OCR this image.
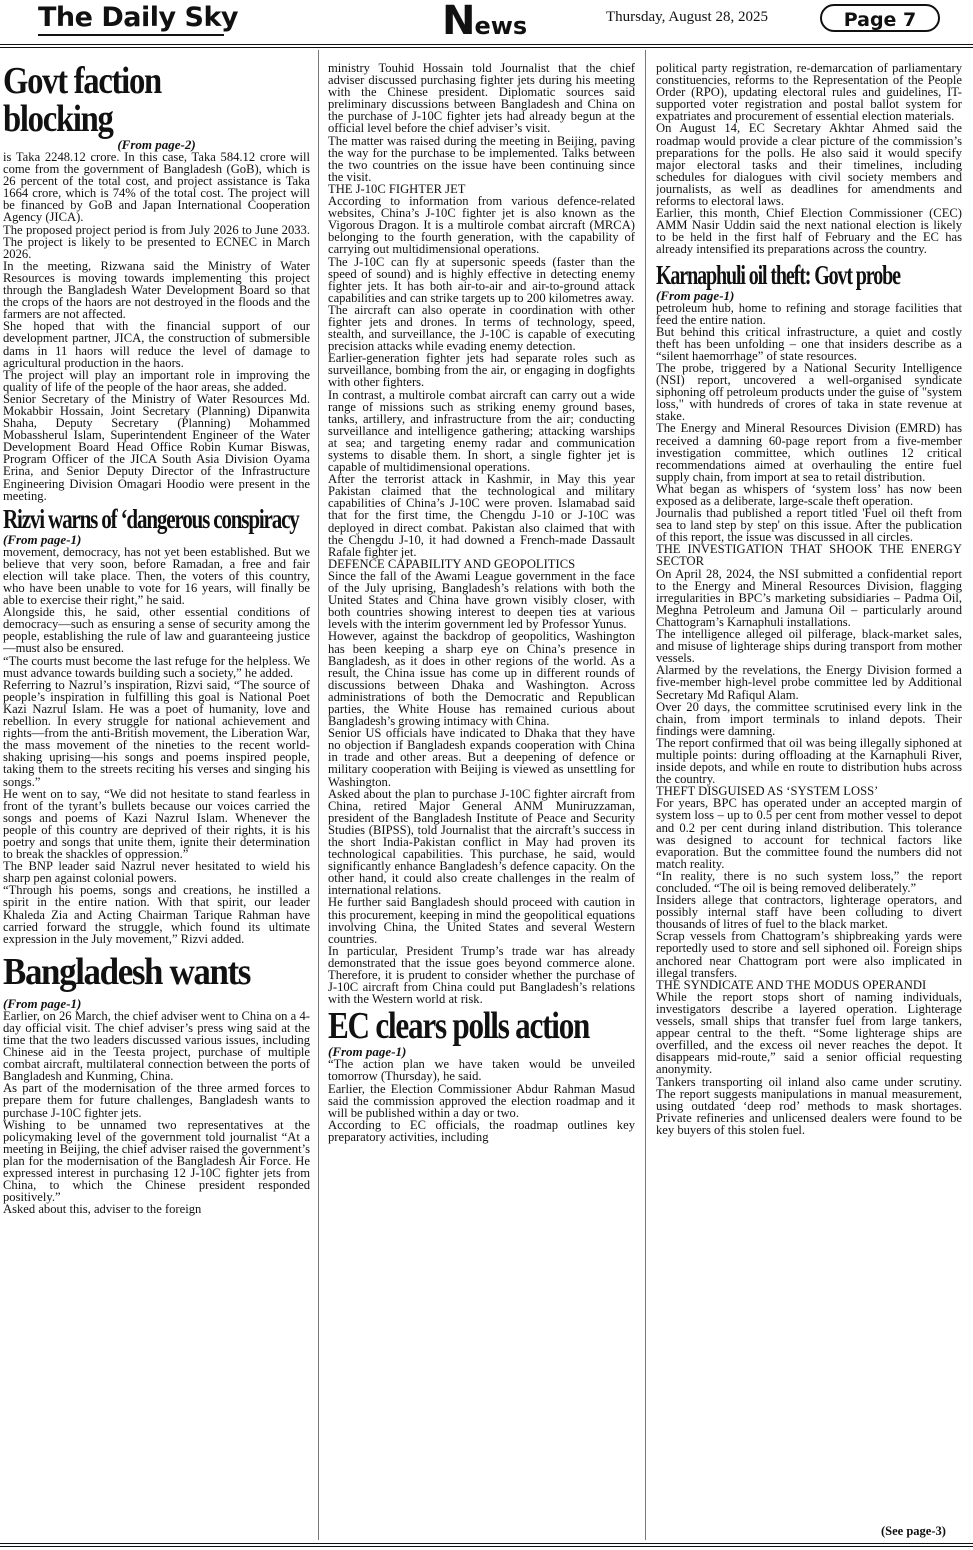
The Daily Sky	News	Thursday, August 28, 2025	Page 7
Govt faction blocking
(From page-2)

is Taka 2248.12 crore. In this case, Taka 584.12 crore will come from the government of Bangladesh (GoB), which is 26 percent of the total cost, and project assistance is Taka 1664 crore, which is 74% of the total cost. The project will be financed by GoB and Japan International Cooperation Agency (JICA).

The proposed project period is from July 2026 to June 2033. The project is likely to be presented to ECNEC in March 2026.

In the meeting, Rizwana said the Ministry of Water Resources is moving towards implementing this project through the Bangladesh Water Development Board so that the crops of the haors are not destroyed in the floods and the farmers are not affected.

She hoped that with the financial support of our development partner, JICA, the construction of submersible dams in 11 haors will reduce the level of damage to agricultural production in the haors.

The project will play an important role in improving the quality of life of the people of the haor areas, she added.

Senior Secretary of the Ministry of Water Resources Md. Mokabbir Hossain, Joint Secretary (Planning) Dipanwita Shaha, Deputy Secretary (Planning) Mohammed Mobassherul Islam, Superintendent Engineer of the Water Development Board Head Office Robin Kumar Biswas, Program Officer of the JICA South Asia Division Oyama Erina, and Senior Deputy Director of the Infrastructure Engineering Division Omagari Hoodio were present in the meeting.

Rizvi warns of ‘dangerous conspiracy
(From page-1)

movement, democracy, has not yet been established. But we believe that very soon, before Ramadan, a free and fair election will take place. Then, the voters of this country, who have been unable to vote for 16 years, will finally be able to exercise their right,” he said.

Alongside this, he said, other essential conditions of democracy—such as ensuring a sense of security among the people, establishing the rule of law and guaranteeing justice—must also be ensured.

“The courts must become the last refuge for the helpless. We must advance towards building such a society,” he added.

Referring to Nazrul’s inspiration, Rizvi said, “The source of people’s inspiration in fulfilling this goal is National Poet Kazi Nazrul Islam. He was a poet of humanity, love and rebellion. In every struggle for national achievement and rights—from the anti-British movement, the Liberation War, the mass movement of the nineties to the recent world-shaking uprising—his songs and poems inspired people, taking them to the streets reciting his verses and singing his songs.”

He went on to say, “We did not hesitate to stand fearless in front of the tyrant’s bullets because our voices carried the songs and poems of Kazi Nazrul Islam. Whenever the people of this country are deprived of their rights, it is his poetry and songs that unite them, ignite their determination to break the shackles of oppression.”

The BNP leader said Nazrul never hesitated to wield his sharp pen against colonial powers.

“Through his poems, songs and creations, he instilled a spirit in the entire nation. With that spirit, our leader Khaleda Zia and Acting Chairman Tarique Rahman have carried forward the struggle, which found its ultimate expression in the July movement,” Rizvi added.

Bangladesh wants
(From page-1)

Earlier, on 26 March, the chief adviser went to China on a 4-day official visit. The chief adviser’s press wing said at the time that the two leaders discussed various issues, including Chinese aid in the Teesta project, purchase of multiple combat aircraft, multilateral connection between the ports of Bangladesh and Kunming, China.

As part of the modernisation of the three armed forces to prepare them for future challenges, Bangladesh wants to purchase J-10C fighter jets.

Wishing to be unnamed two representatives at the policymaking level of the government told journalist “At a meeting in Beijing, the chief adviser raised the government’s plan for the modernisation of the Bangladesh Air Force. He expressed interest in purchasing 12 J-10C fighter jets from China, to which the Chinese president responded positively.”

Asked about this, adviser to the foreign

ministry Touhid Hossain told Journalist that the chief adviser discussed purchasing fighter jets during his meeting with the Chinese president. Diplomatic sources said preliminary discussions between Bangladesh and China on the purchase of J-10C fighter jets had already begun at the official level before the chief adviser’s visit.

The matter was raised during the meeting in Beijing, paving the way for the purchase to be implemented. Talks between the two countries on the issue have been continuing since the visit.

THE J-10C FIGHTER JET

According to information from various defence-related websites, China’s J-10C fighter jet is also known as the Vigorous Dragon. It is a multirole combat aircraft (MRCA) belonging to the fourth generation, with the capability of carrying out multidimensional operations.

The J-10C can fly at supersonic speeds (faster than the speed of sound) and is highly effective in detecting enemy fighter jets. It has both air-to-air and air-to-ground attack capabilities and can strike targets up to 200 kilometres away.

The aircraft can also operate in coordination with other fighter jets and drones. In terms of technology, speed, stealth, and surveillance, the J-10C is capable of executing precision attacks while evading enemy detection.

Earlier-generation fighter jets had separate roles such as surveillance, bombing from the air, or engaging in dogfights with other fighters.

In contrast, a multirole combat aircraft can carry out a wide range of missions such as striking enemy ground bases, tanks, artillery, and infrastructure from the air; conducting surveillance and intelligence gathering; attacking warships at sea; and targeting enemy radar and communication systems to disable them. In short, a single fighter jet is capable of multidimensional operations.

After the terrorist attack in Kashmir, in May this year Pakistan claimed that the technological and military capabilities of China’s J-10C were proven. Islamabad said that for the first time, the Chengdu J-10 or J-10C was deployed in direct combat. Pakistan also claimed that with the Chengdu J-10, it had downed a French-made Dassault Rafale fighter jet.

DEFENCE CAPABILITY AND GEOPOLITICS

Since the fall of the Awami League government in the face of the July uprising, Bangladesh’s relations with both the United States and China have grown visibly closer, with both countries showing interest to deepen ties at various levels with the interim government led by Professor Yunus.

However, against the backdrop of geopolitics, Washington has been keeping a sharp eye on China’s presence in Bangladesh, as it does in other regions of the world. As a result, the China issue has come up in different rounds of discussions between Dhaka and Washington. Across administrations of both the Democratic and Republican parties, the White House has remained curious about Bangladesh’s growing intimacy with China.

Senior US officials have indicated to Dhaka that they have no objection if Bangladesh expands cooperation with China in trade and other areas. But a deepening of defence or military cooperation with Beijing is viewed as unsettling for Washington.

Asked about the plan to purchase J-10C fighter aircraft from China, retired Major General ANM Muniruzzaman, president of the Bangladesh Institute of Peace and Security Studies (BIPSS), told Journalist that the aircraft’s success in the short India-Pakistan conflict in May had proven its technological capabilities. This purchase, he said, would significantly enhance Bangladesh’s defence capacity. On the other hand, it could also create challenges in the realm of international relations.

He further said Bangladesh should proceed with caution in this procurement, keeping in mind the geopolitical equations involving China, the United States and several Western countries.

In particular, President Trump’s trade war has already demonstrated that the issue goes beyond commerce alone. Therefore, it is prudent to consider whether the purchase of J-10C aircraft from China could put Bangladesh’s relations with the Western world at risk.

EC clears polls action
(From page-1)

“The action plan we have taken would be unveiled tomorrow (Thursday), he said.

Earlier, the Election Commissioner Abdur Rahman Masud said the commission approved the election roadmap and it will be published within a day or two.

According to EC officials, the roadmap outlines key preparatory activities, including

political party registration, re-demarcation of parliamentary constituencies, reforms to the Representation of the People Order (RPO), updating electoral rules and guidelines, IT-supported voter registration and postal ballot system for expatriates and procurement of essential election materials.

On August 14, EC Secretary Akhtar Ahmed said the roadmap would provide a clear picture of the commission’s preparations for the polls. He also said it would specify major electoral tasks and their timelines, including schedules for dialogues with civil society members and journalists, as well as deadlines for amendments and reforms to electoral laws.

Earlier, this month, Chief Election Commissioner (CEC) AMM Nasir Uddin said the next national election is likely to be held in the first half of February and the EC has already intensified its preparations across the country.

Karnaphuli oil theft: Govt probe
(From page-1)

petroleum hub, home to refining and storage facilities that feed the entire nation.

But behind this critical infrastructure, a quiet and costly theft has been unfolding – one that insiders describe as a “silent haemorrhage” of state resources.

The probe, triggered by a National Security Intelligence (NSI) report, uncovered a well-organised syndicate siphoning off petroleum products under the guise of "system loss," with hundreds of crores of taka in state revenue at stake.

The Energy and Mineral Resources Division (EMRD) has received a damning 60-page report from a five-member investigation committee, which outlines 12 critical recommendations aimed at overhauling the entire fuel supply chain, from import at sea to retail distribution.

What began as whispers of ‘system loss’ has now been exposed as a deliberate, large-scale theft operation.

Journalis thad published a report titled 'Fuel oil theft from sea to land step by step' on this issue. After the publication of this report, the issue was discussed in all circles.

THE INVESTIGATION THAT SHOOK THE ENERGY SECTOR

On April 28, 2024, the NSI submitted a confidential report to the Energy and Mineral Resources Division, flagging irregularities in BPC’s marketing subsidiaries – Padma Oil, Meghna Petroleum and Jamuna Oil – particularly around Chattogram’s Karnaphuli installations.

The intelligence alleged oil pilferage, black-market sales, and misuse of lighterage ships during transport from mother vessels.

Alarmed by the revelations, the Energy Division formed a five-member high-level probe committee led by Additional Secretary Md Rafiqul Alam.

Over 20 days, the committee scrutinised every link in the chain, from import terminals to inland depots. Their findings were damning.

The report confirmed that oil was being illegally siphoned at multiple points: during offloading at the Karnaphuli River, inside depots, and while en route to distribution hubs across the country.

THEFT DISGUISED AS ‘SYSTEM LOSS’

For years, BPC has operated under an accepted margin of system loss – up to 0.5 per cent from mother vessel to depot and 0.2 per cent during inland distribution. This tolerance was designed to account for technical factors like evaporation. But the committee found the numbers did not match reality.

“In reality, there is no such system loss,” the report concluded. “The oil is being removed deliberately.”

Insiders allege that contractors, lighterage operators, and possibly internal staff have been colluding to divert thousands of litres of fuel to the black market.

Scrap vessels from Chattogram’s shipbreaking yards were reportedly used to store and sell siphoned oil. Foreign ships anchored near Chattogram port were also implicated in illegal transfers.

THE SYNDICATE AND THE MODUS OPERANDI

While the report stops short of naming individuals, investigators describe a layered operation. Lighterage vessels, small ships that transfer fuel from large tankers, appear central to the theft. “Some lighterage ships are overfilled, and the excess oil never reaches the depot. It disappears mid-route,” said a senior official requesting anonymity.

Tankers transporting oil inland also came under scrutiny. The report suggests manipulations in manual measurement, using outdated ‘deep rod’ methods to mask shortages. Private refineries and unlicensed dealers were found to be key buyers of this stolen fuel.

(See page-3)
